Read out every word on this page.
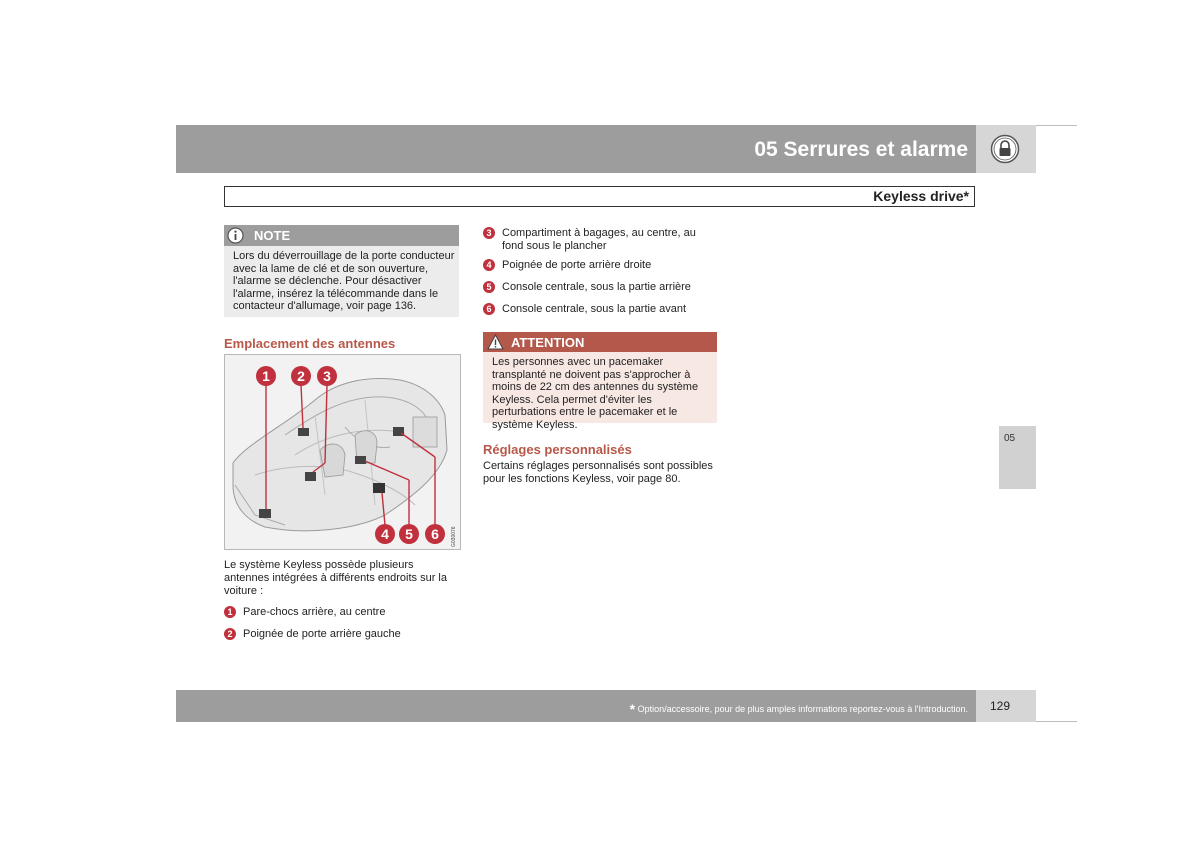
05 Serrures et alarme
Keyless drive*
NOTE
Lors du déverrouillage de la porte conducteur avec la lame de clé et de son ouverture, l'alarme se déclenche. Pour désactiver l'alarme, insérez la télécommande dans le contacteur d'allumage, voir page 136.
Emplacement des antennes
1 2 3
4 5 6 G030076
Le système Keyless possède plusieurs antennes intégrées à différents endroits sur la voiture :
1 Pare-chocs arrière, au centre
2 Poignée de porte arrière gauche
3 Compartiment à bagages, au centre, au fond sous le plancher
4 Poignée de porte arrière droite
5 Console centrale, sous la partie arrière
6 Console centrale, sous la partie avant
ATTENTION
Les personnes avec un pacemaker transplanté ne doivent pas s'approcher à moins de 22 cm des antennes du système Keyless. Cela permet d'éviter les perturbations entre le pacemaker et le système Keyless.
Réglages personnalisés
Certains réglages personnalisés sont possibles pour les fonctions Keyless, voir page 80.
05
* Option/accessoire, pour de plus amples informations reportez-vous à l'Introduction. 129
